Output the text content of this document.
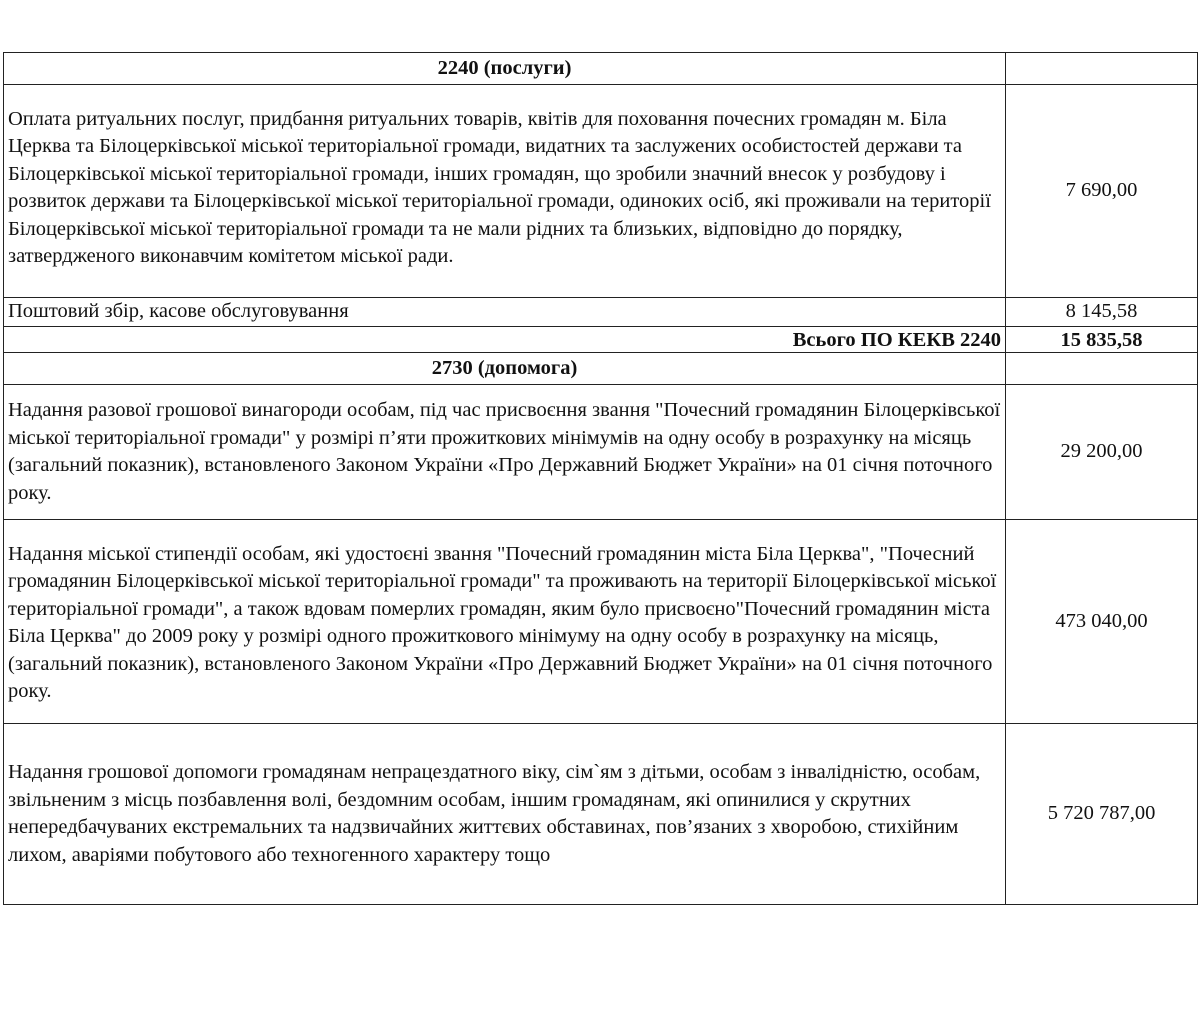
2240 (послуги)	
Оплата ритуальних послуг, придбання ритуальних товарів, квітів для поховання почесних громадян м. Біла Церква та Білоцерківської міської територіальної громади, видатних та заслужених особистостей держави та Білоцерківської міської територіальної громади, інших громадян, що зробили значний внесок у розбудову і розвиток держави та Білоцерківської міської територіальної громади, одиноких осіб, які проживали на території Білоцерківської міської територіальної громади та не мали рідних та близьких, відповідно до порядку, затвердженого виконавчим комітетом міської ради.	7 690,00
Поштовий збір, касове обслуговування	8 145,58
Всього ПО КЕКВ 2240	15 835,58
2730 (допомога)	
Надання разової грошової винагороди особам, під час присвоєння звання "Почесний громадянин Білоцерківської міської територіальної громади" у розмірі п’яти прожиткових мінімумів на одну особу в розрахунку на місяць (загальний показник), встановленого Законом України «Про Державний Бюджет України» на 01 січня поточного року.	29 200,00
Надання міської стипендії особам, які удостоєні звання "Почесний громадянин міста Біла Церква", "Почесний громадянин Білоцерківської міської територіальної громади" та проживають на території Білоцерківської міської територіальної громади", а також вдовам померлих громадян, яким було присвоєно"Почесний громадянин міста Біла Церква" до 2009 року у розмірі одного прожиткового мінімуму на одну особу в розрахунку на місяць, (загальний показник), встановленого Законом України «Про Державний Бюджет України» на 01 січня поточного року.	473 040,00
Надання грошової допомоги громадянам непрацездатного віку, сім`ям з дітьми, особам з інвалідністю, особам, звільненим з місць позбавлення волі, бездомним особам, іншим громадянам, які опинилися у скрутних непередбачуваних екстремальних та надзвичайних життєвих обставинах, пов’язаних з хворобою, стихійним лихом, аваріями побутового або техногенного характеру тощо	5 720 787,00
